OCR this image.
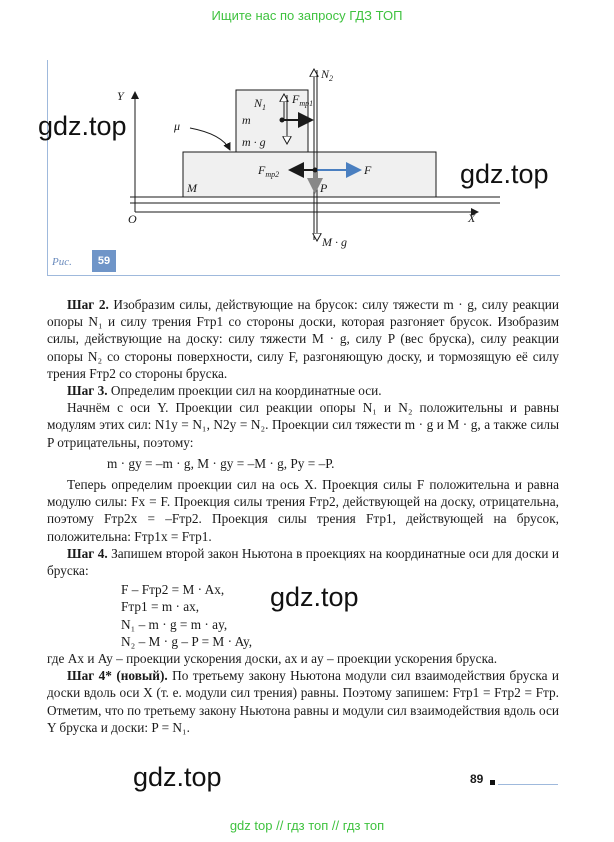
Ищите нас по запросу ГДЗ ТОП
Y
X
O
μ	m
M
$N_1$
$F_{тр1}$
m · g
$N_2$
$F_{тр2}$	F
P
M · g
gdz.top
gdz.top
Рис.	59

Шаг 2. Изобразим силы, действующие на брусок: силу тяжести m · g, силу реакции опоры N₁ и силу трения Fтр1 со стороны доски, которая разгоняет брусок. Изобразим силы, действующие на доску: силу тяжести M · g, силу P (вес бруска), силу реакции опоры N₂ со стороны поверхности, силу F, разгоняющую доску, и тормозящую её силу трения Fтр2 со стороны бруска.

Шаг 3. Определим проекции сил на координатные оси.

Начнём с оси Y. Проекции сил реакции опоры N₁ и N₂ положительны и равны модулям этих сил: N1y = N₁, N2y = N₂. Проекции сил тяжести m · g и M · g, а также силы P отрицательны, поэтому:

m · gy = –m · g, M · gy = –M · g, Py = –P.

Теперь определим проекции сил на ось X. Проекция силы F положительна и равна модулю силы: Fx = F. Проекция силы трения Fтр2, действующей на доску, отрицательна, поэтому Fтр2x = –Fтр2. Проекция силы трения Fтр1, действующей на брусок, положительна: Fтр1x = Fтр1.

Шаг 4. Запишем второй закон Ньютона в проекциях на координатные оси для доски и бруска:

F – Fтр2 = M · Ax,

Fтр1 = m · ax,

N₁ – m · g = m · ay,

N₂ – M · g – P = M · Ay,

где Ax и Ay – проекции ускорения доски, ax и ay – проекции ускорения бруска.

Шаг 4* (новый). По третьему закону Ньютона модули сил взаимодействия бруска и доски вдоль оси X (т. е. модули сил трения) равны. Поэтому запишем: Fтр1 = Fтр2 = Fтр. Отметим, что по третьему закону Ньютона равны и модули сил взаимодействия вдоль оси Y бруска и доски: P = N₁.

gdz.top
gdz.top	89
gdz top // гдз топ // гдз топ
